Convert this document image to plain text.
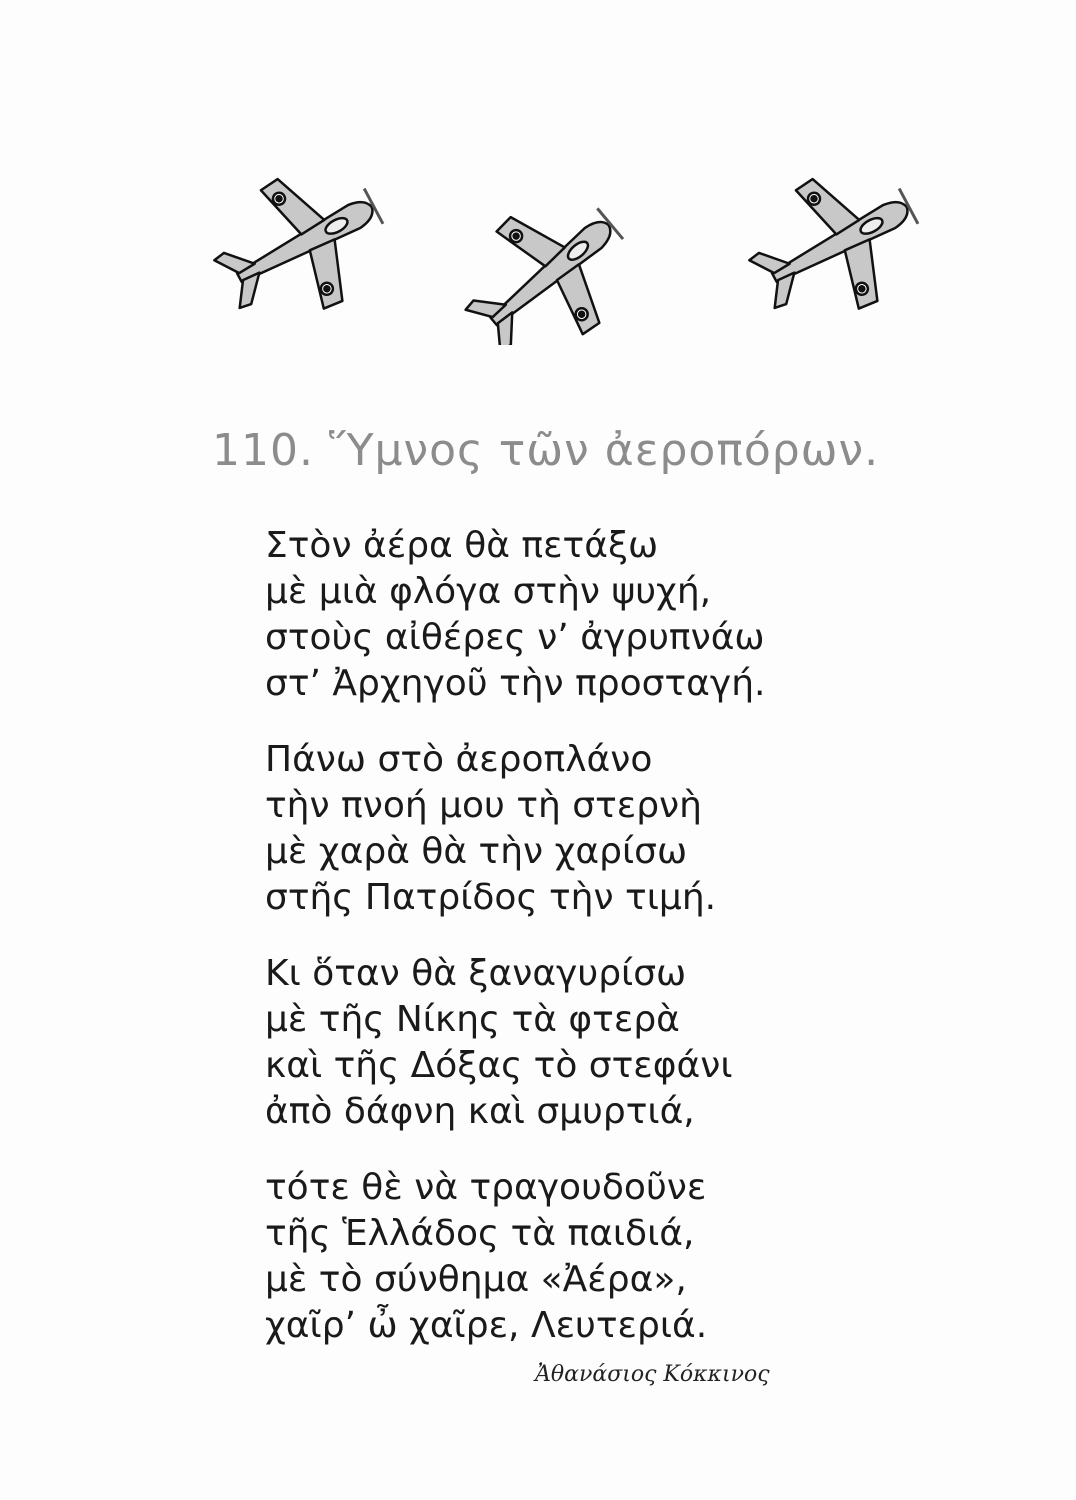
110. Ὕμνος τῶν ἀεροπόρων.
Στὸν ἀέρα θὰ πετάξω
μὲ μιὰ φλόγα στὴν ψυχή,
στοὺς αἰθέρες ν’ ἀγρυπνάω
στ’ Ἀρχηγοῦ τὴν προσταγή.
Πάνω στὸ ἀεροπλάνο
τὴν πνοή μου τὴ στερνὴ
μὲ χαρὰ θὰ τὴν χαρίσω
στῆς Πατρίδος τὴν τιμή.
Κι ὅταν θὰ ξαναγυρίσω
μὲ τῆς Νίκης τὰ φτερὰ
καὶ τῆς Δόξας τὸ στεφάνι
ἀπὸ δάφνη καὶ σμυρτιά,
τότε θὲ νὰ τραγουδοῦνε
τῆς Ἑλλάδος τὰ παιδιά,
μὲ τὸ σύνθημα «Ἀέρα»,
χαῖρ’ ὦ χαῖρε, Λευτεριά.
Ἀθανάσιος Κόκκινος
